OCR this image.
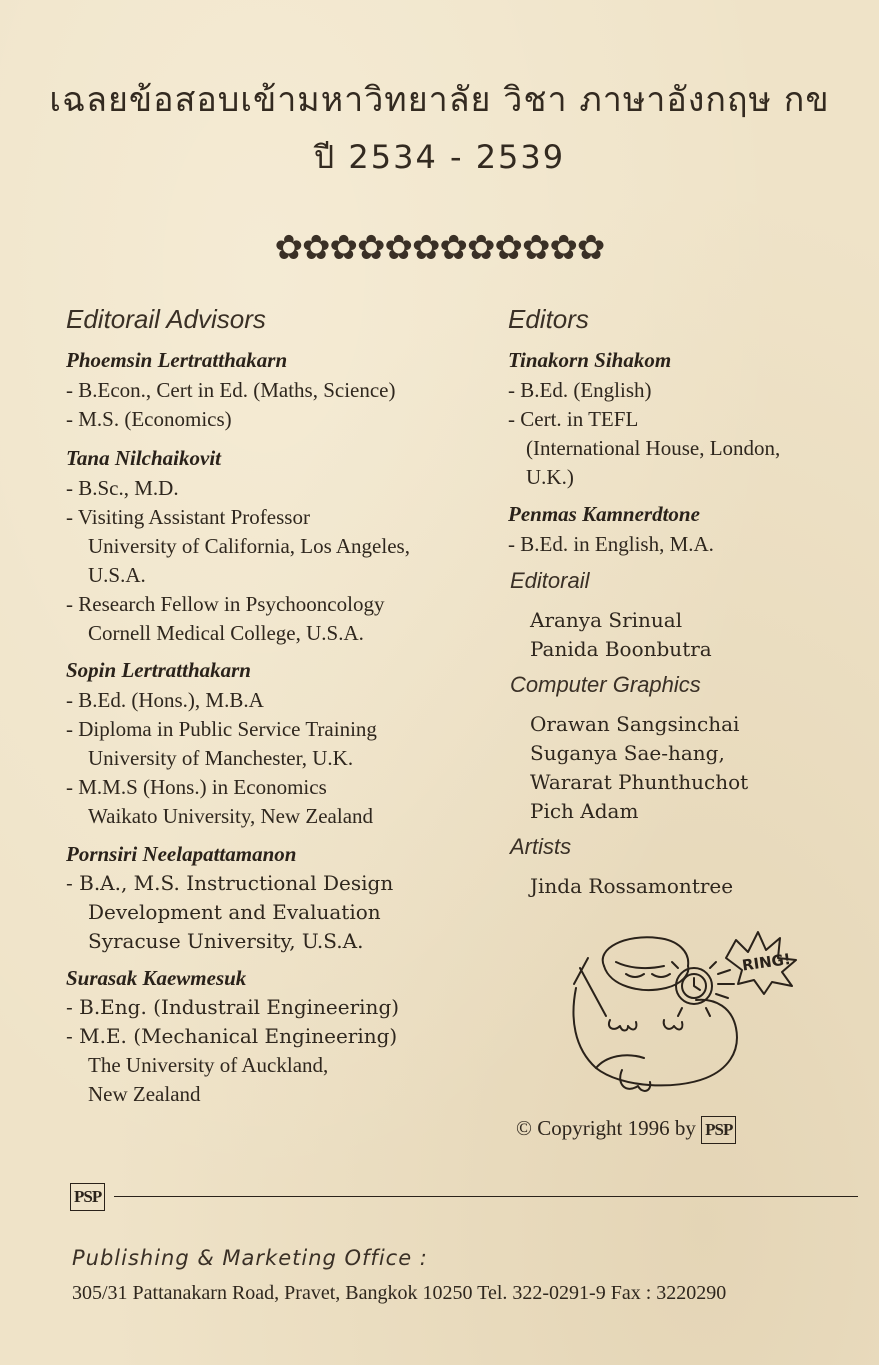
เฉลยข้อสอบเข้ามหาวิทยาลัย วิชา ภาษาอังกฤษ กข
ปี 2534 - 2539
✿✿✿✿✿✿✿✿✿✿✿✿
Editorail Advisors
Phoemsin Lertratthakarn
- B.Econ., Cert in Ed. (Maths, Science)
- M.S. (Economics)
Tana Nilchaikovit
- B.Sc., M.D.
- Visiting Assistant Professor
University of California, Los Angeles,
U.S.A.
- Research Fellow in Psychooncology
Cornell Medical College, U.S.A.
Sopin Lertratthakarn
- B.Ed. (Hons.), M.B.A
- Diploma in Public Service Training
University of Manchester, U.K.
- M.M.S (Hons.) in Economics
Waikato University, New Zealand
Pornsiri Neelapattamanon
- B.A., M.S. Instructional Design
Development and Evaluation
Syracuse University, U.S.A.
Surasak Kaewmesuk
- B.Eng. (Industrail Engineering)
- M.E. (Mechanical Engineering)
The University of Auckland,
New Zealand
Editors
Tinakorn Sihakom
- B.Ed. (English)
- Cert. in TEFL
(International House, London,
U.K.)
Penmas Kamnerdtone
- B.Ed. in English, M.A.
Editorail
Aranya Srinual
Panida Boonbutra
Computer Graphics
Orawan Sangsinchai
Suganya Sae-hang,
Wararat Phunthuchot
Pich Adam
Artists
Jinda Rossamontree
RING!
© Copyright 1996 by PSP
PSP
Publishing & Marketing Office :
305/31 Pattanakarn Road, Pravet, Bangkok 10250 Tel. 322-0291-9 Fax : 3220290
